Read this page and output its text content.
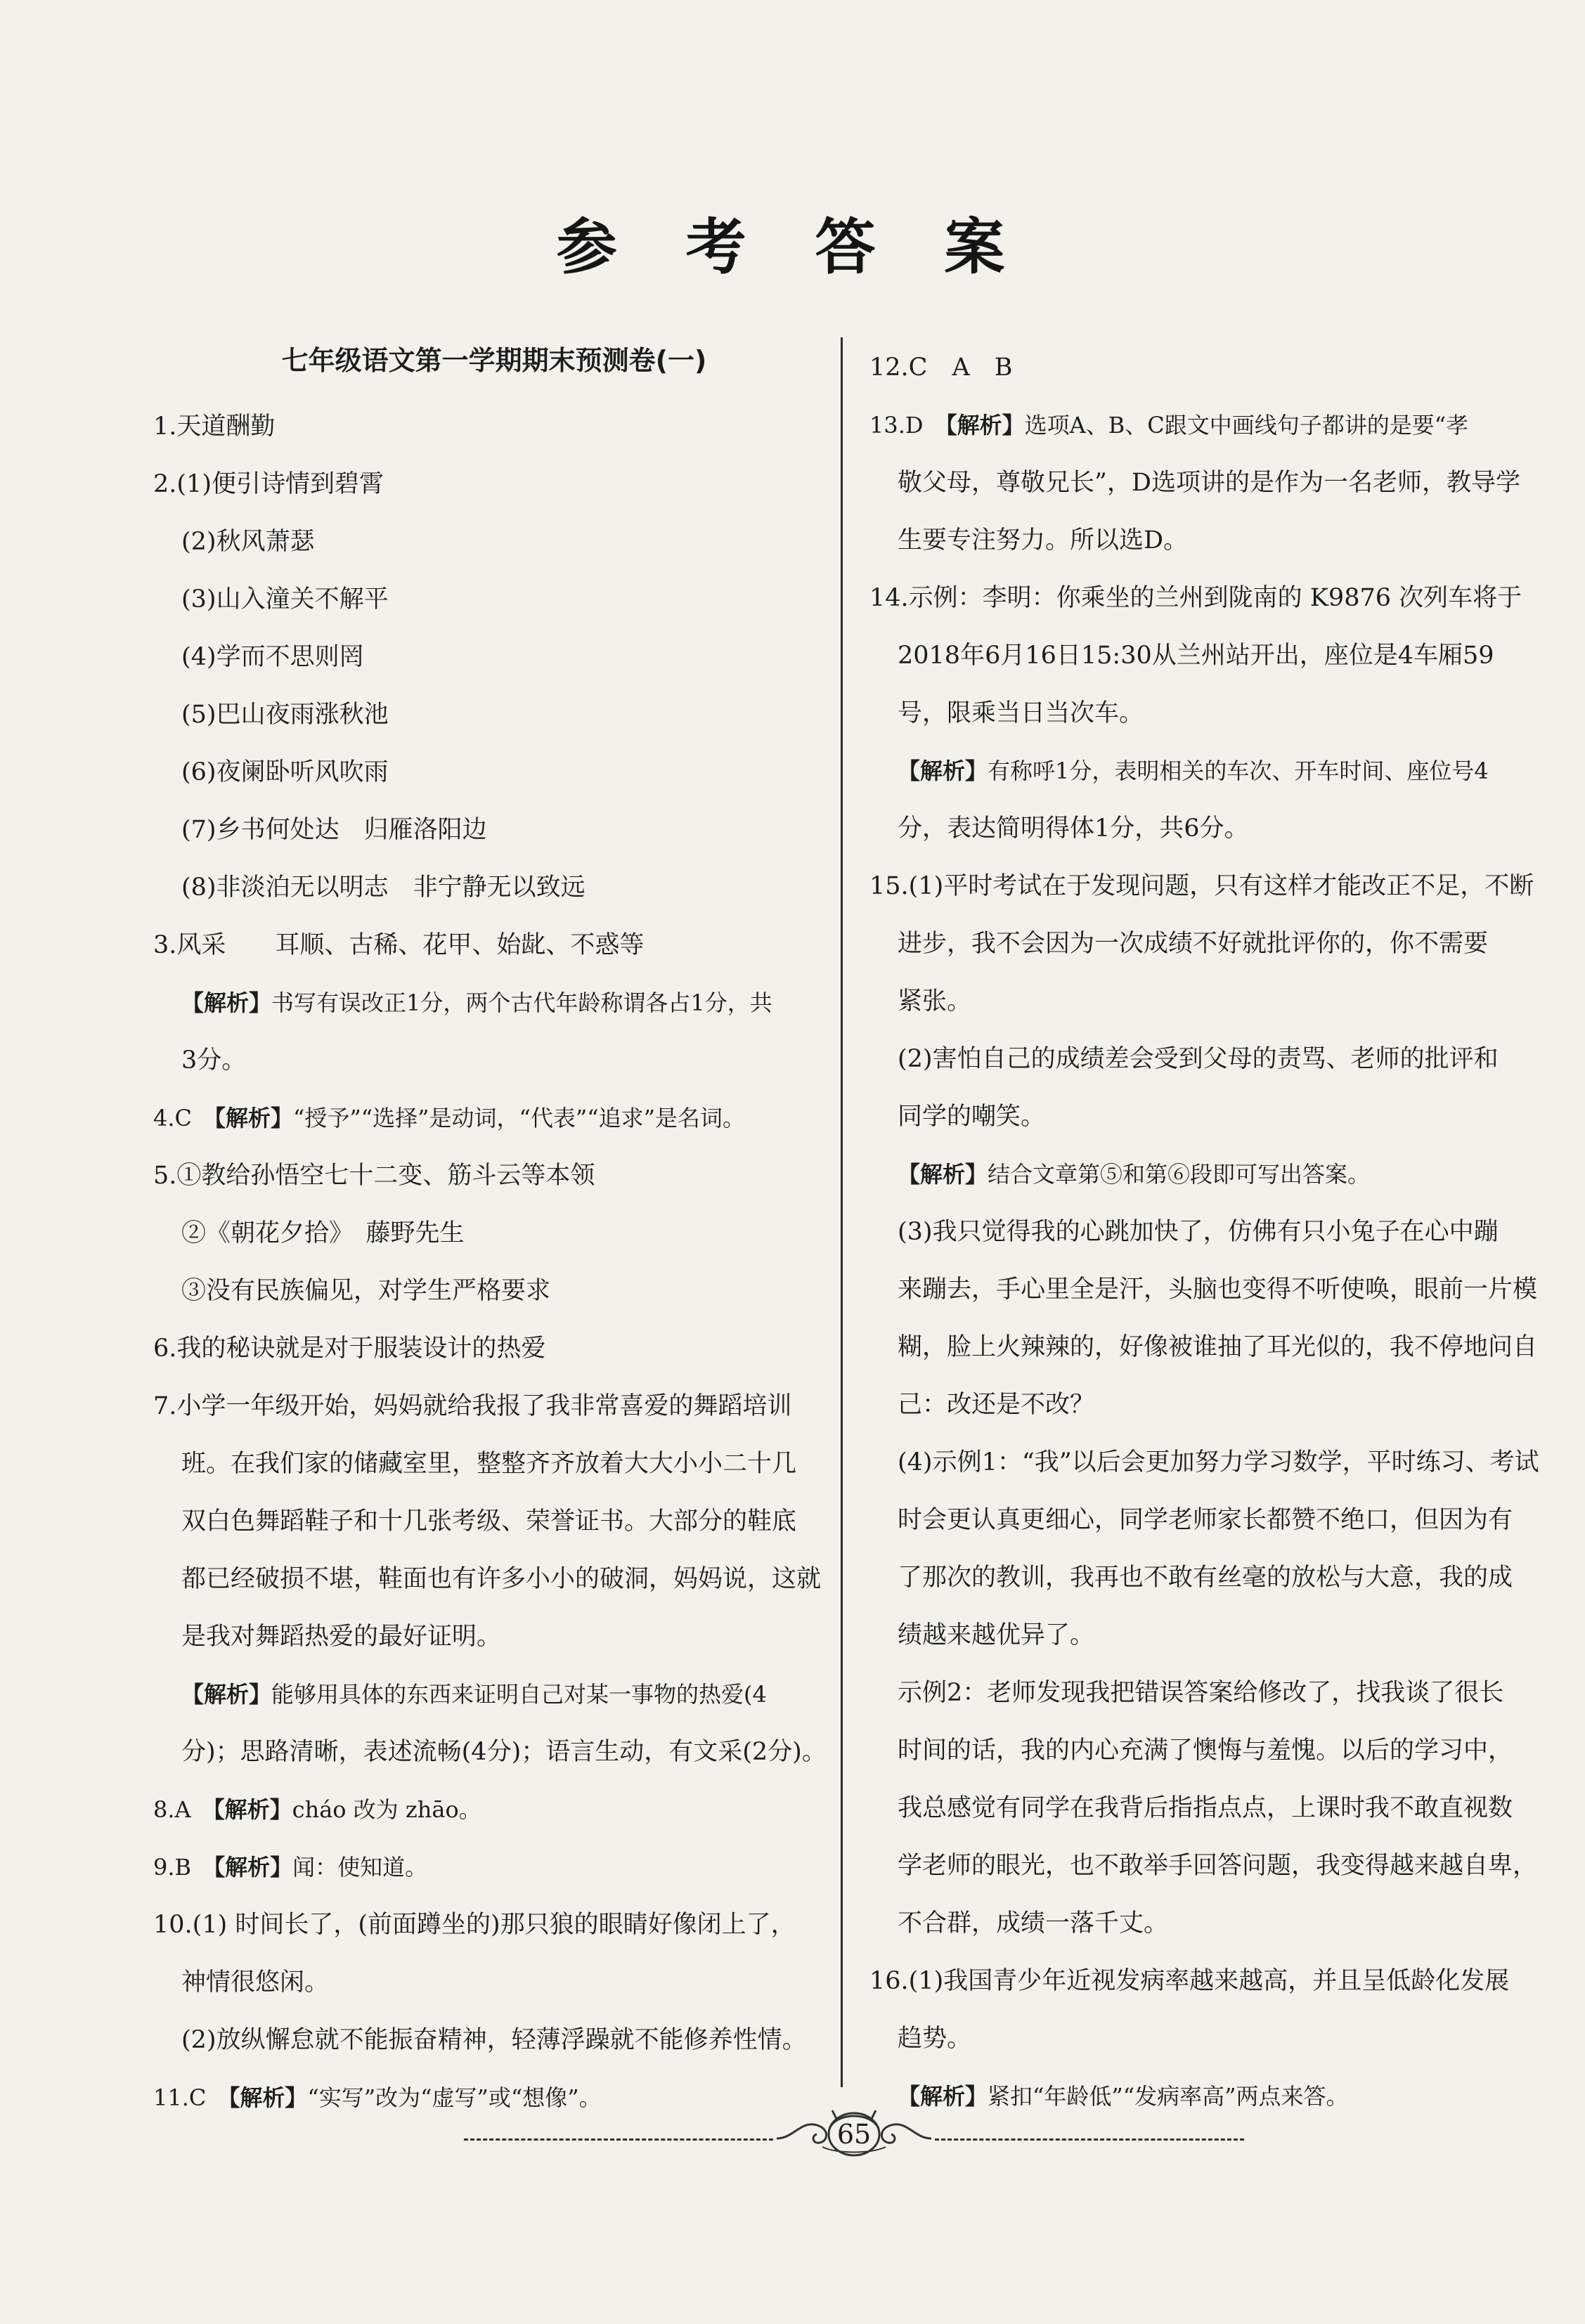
参 考 答 案
七年级语文第一学期期末预测卷(一)
1.天道酬勤
2.(1)便引诗情到碧霄
(2)秋风萧瑟
(3)山入潼关不解平
(4)学而不思则罔
(5)巴山夜雨涨秋池
(6)夜阑卧听风吹雨
(7)乡书何处达　归雁洛阳边
(8)非淡泊无以明志　非宁静无以致远
3.风采　　耳顺、古稀、花甲、始龀、不惑等
【解析】书写有误改正1分，两个古代年龄称谓各占1分，共
3分。
4.C　【解析】“授予”“选择”是动词，“代表”“追求”是名词。
5.①教给孙悟空七十二变、筋斗云等本领
②《朝花夕拾》　藤野先生
③没有民族偏见，对学生严格要求
6.我的秘诀就是对于服装设计的热爱
7.小学一年级开始，妈妈就给我报了我非常喜爱的舞蹈培训
班。在我们家的储藏室里，整整齐齐放着大大小小二十几
双白色舞蹈鞋子和十几张考级、荣誉证书。大部分的鞋底
都已经破损不堪，鞋面也有许多小小的破洞，妈妈说，这就
是我对舞蹈热爱的最好证明。
【解析】能够用具体的东西来证明自己对某一事物的热爱(4
分)；思路清晰，表述流畅(4分)；语言生动，有文采(2分)。
8.A　【解析】cháo 改为 zhāo。
9.B　【解析】闻：使知道。
10.(1) 时间长了，(前面蹲坐的)那只狼的眼睛好像闭上了，
神情很悠闲。
(2)放纵懈怠就不能振奋精神，轻薄浮躁就不能修养性情。
11.C　【解析】“实写”改为“虚写”或“想像”。
12.C　A　B
13.D　【解析】选项A、B、C跟文中画线句子都讲的是要“孝
敬父母，尊敬兄长”，D选项讲的是作为一名老师，教导学
生要专注努力。所以选D。
14.示例：李明：你乘坐的兰州到陇南的 K9876 次列车将于
2018年6月16日15:30从兰州站开出，座位是4车厢59
号，限乘当日当次车。
【解析】有称呼1分，表明相关的车次、开车时间、座位号4
分，表达简明得体1分，共6分。
15.(1)平时考试在于发现问题，只有这样才能改正不足，不断
进步，我不会因为一次成绩不好就批评你的，你不需要
紧张。
(2)害怕自己的成绩差会受到父母的责骂、老师的批评和
同学的嘲笑。
【解析】结合文章第⑤和第⑥段即可写出答案。
(3)我只觉得我的心跳加快了，仿佛有只小兔子在心中蹦
来蹦去，手心里全是汗，头脑也变得不听使唤，眼前一片模
糊，脸上火辣辣的，好像被谁抽了耳光似的，我不停地问自
己：改还是不改？
(4)示例1：“我”以后会更加努力学习数学，平时练习、考试
时会更认真更细心，同学老师家长都赞不绝口，但因为有
了那次的教训，我再也不敢有丝毫的放松与大意，我的成
绩越来越优异了。
示例2：老师发现我把错误答案给修改了，找我谈了很长
时间的话，我的内心充满了懊悔与羞愧。以后的学习中，
我总感觉有同学在我背后指指点点，上课时我不敢直视数
学老师的眼光，也不敢举手回答问题，我变得越来越自卑，
不合群，成绩一落千丈。
16.(1)我国青少年近视发病率越来越高，并且呈低龄化发展
趋势。
【解析】紧扣“年龄低”“发病率高”两点来答。
65
